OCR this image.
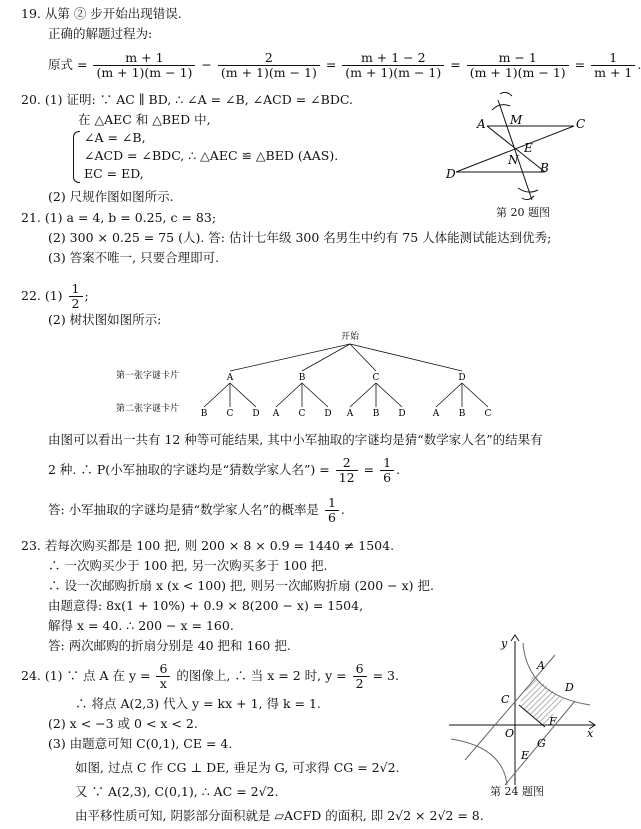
19. 从第 ② 步开始出现错误.
正确的解题过程为:
原式 = $\frac{m + 1}{(m + 1)(m - 1)} - \frac{2}{(m + 1)(m - 1)} = \frac{m + 1 - 2}{(m + 1)(m - 1)} = \frac{m - 1}{(m + 1)(m - 1)} = \frac{1}{m + 1}$ .
20. (1) 证明: ∵ AC ∥ BD, ∴ ∠A = ∠B, ∠ACD = ∠BDC.
在 △AEC 和 △BED 中,
∠A = ∠B,
∠ACD = ∠BDC, ∴ △AEC ≌ △BED (AAS).
EC = ED,
(2) 尺规作图如图所示.
A M	C
E
N
D	B
第 20 题图
21. (1) a = 4, b = 0.25, c = 83;
(2) 300 × 0.25 = 75 (人). 答: 估计七年级 300 名男生中约有 75 人体能测试能达到优秀;
(3) 答案不唯一, 只要合理即可.
22. $(1) \frac{1}{2}$ ;
(2) 树状图如图所示:
开始
第一张字谜卡片
第二张字谜卡片
A
B C D
B
A C D
C
A B D
D
A B C
由图可以看出一共有 12 种等可能结果, 其中小军抽取的字谜均是猜“数学家人名”的结果有
2 种. ∴ P(小军抽取的字谜均是“猜数学家人名”) = $\frac{2}{12} = \frac{1}{6}$ .
答: 小军抽取的字谜均是猜“数学家人名”的概率是 $\frac{1}{6}$ .
23. 若每次购买都是 100 把, 则 200 × 8 × 0.9 = 1440 ≠ 1504.
∴ 一次购买少于 100 把, 另一次购买多于 100 把.
∴ 设一次邮购折扇 x (x < 100) 把, 则另一次邮购折扇 (200 − x) 把.
由题意得: 8x(1 + 10%) + 0.9 × 8(200 − x) = 1504,
解得 x = 40. ∴ 200 − x = 160.
答: 两次邮购的折扇分别是 40 把和 160 把.
24. (1) ∵ 点 A 在 $y = \frac{6}{x}$ 的图像上, ∴ 当 x = 2 时, $y = \frac{6}{2} = 3$.
∴ 将点 A(2,3) 代入 y = kx + 1, 得 k = 1.
(2) x < −3 或 0 < x < 2.
(3) 由题意可知 C(0,1), CE = 4.
如图, 过点 C 作 CG ⊥ DE, 垂足为 G, 可求得 CG = 2√2.
又 ∵ A(2,3), C(0,1), ∴ AC = 2√2.
由平移性质可知, 阴影部分面积就是 ▱ACFD 的面积, 即 2√2 × 2√2 = 8.
y
A
D
C
O
F
x
G
E
第 24 题图
